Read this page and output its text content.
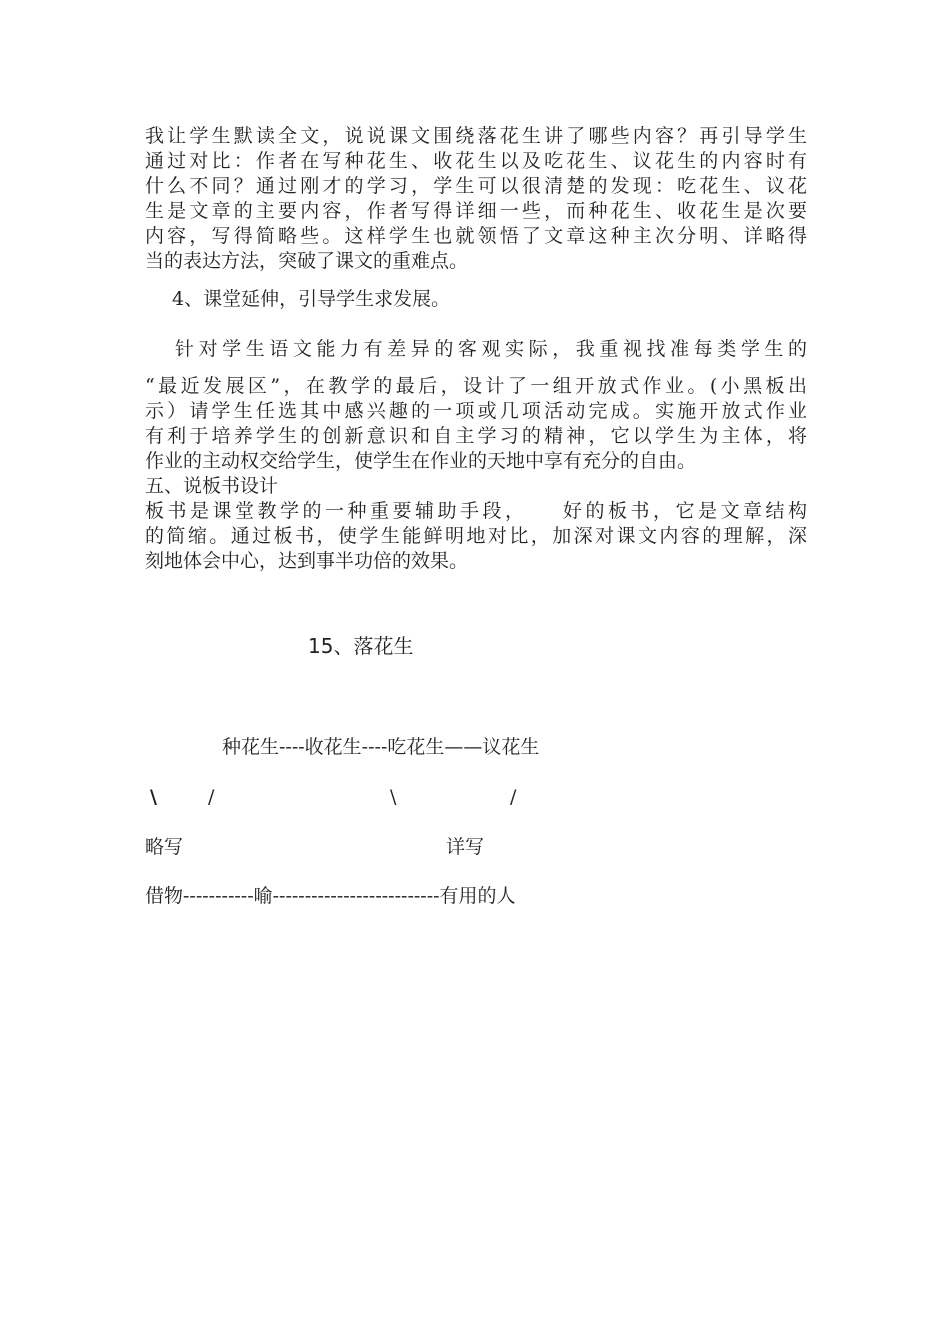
我让学生默读全文，说说课文围绕落花生讲了哪些内容？再引导学生
通过对比：作者在写种花生、收花生以及吃花生、议花生的内容时有
什么不同？通过刚才的学习，学生可以很清楚的发现：吃花生、议花
生是文章的主要内容，作者写得详细一些，而种花生、收花生是次要
内容，写得简略些。这样学生也就领悟了文章这种主次分明、详略得
当的表达方法，突破了课文的重难点。
4、课堂延伸，引导学生求发展。
针对学生语文能力有差异的客观实际，我重视找准每类学生的
“最近发展区”，在教学的最后，设计了一组开放式作业。(小黑板出
示）请学生任选其中感兴趣的一项或几项活动完成。实施开放式作业
有利于培养学生的创新意识和自主学习的精神，它以学生为主体，将
作业的主动权交给学生，使学生在作业的天地中享有充分的自由。
五、说板书设计
板书是课堂教学的一种重要辅助手段，　　好的板书，它是文章结构
的简缩。通过板书，使学生能鲜明地对比，加深对课文内容的理解，深
刻地体会中心，达到事半功倍的效果。
15、落花生
种花生----收花生----吃花生——议花生
\	/	\	/
略写	详写
借物-----------喻--------------------------有用的人
